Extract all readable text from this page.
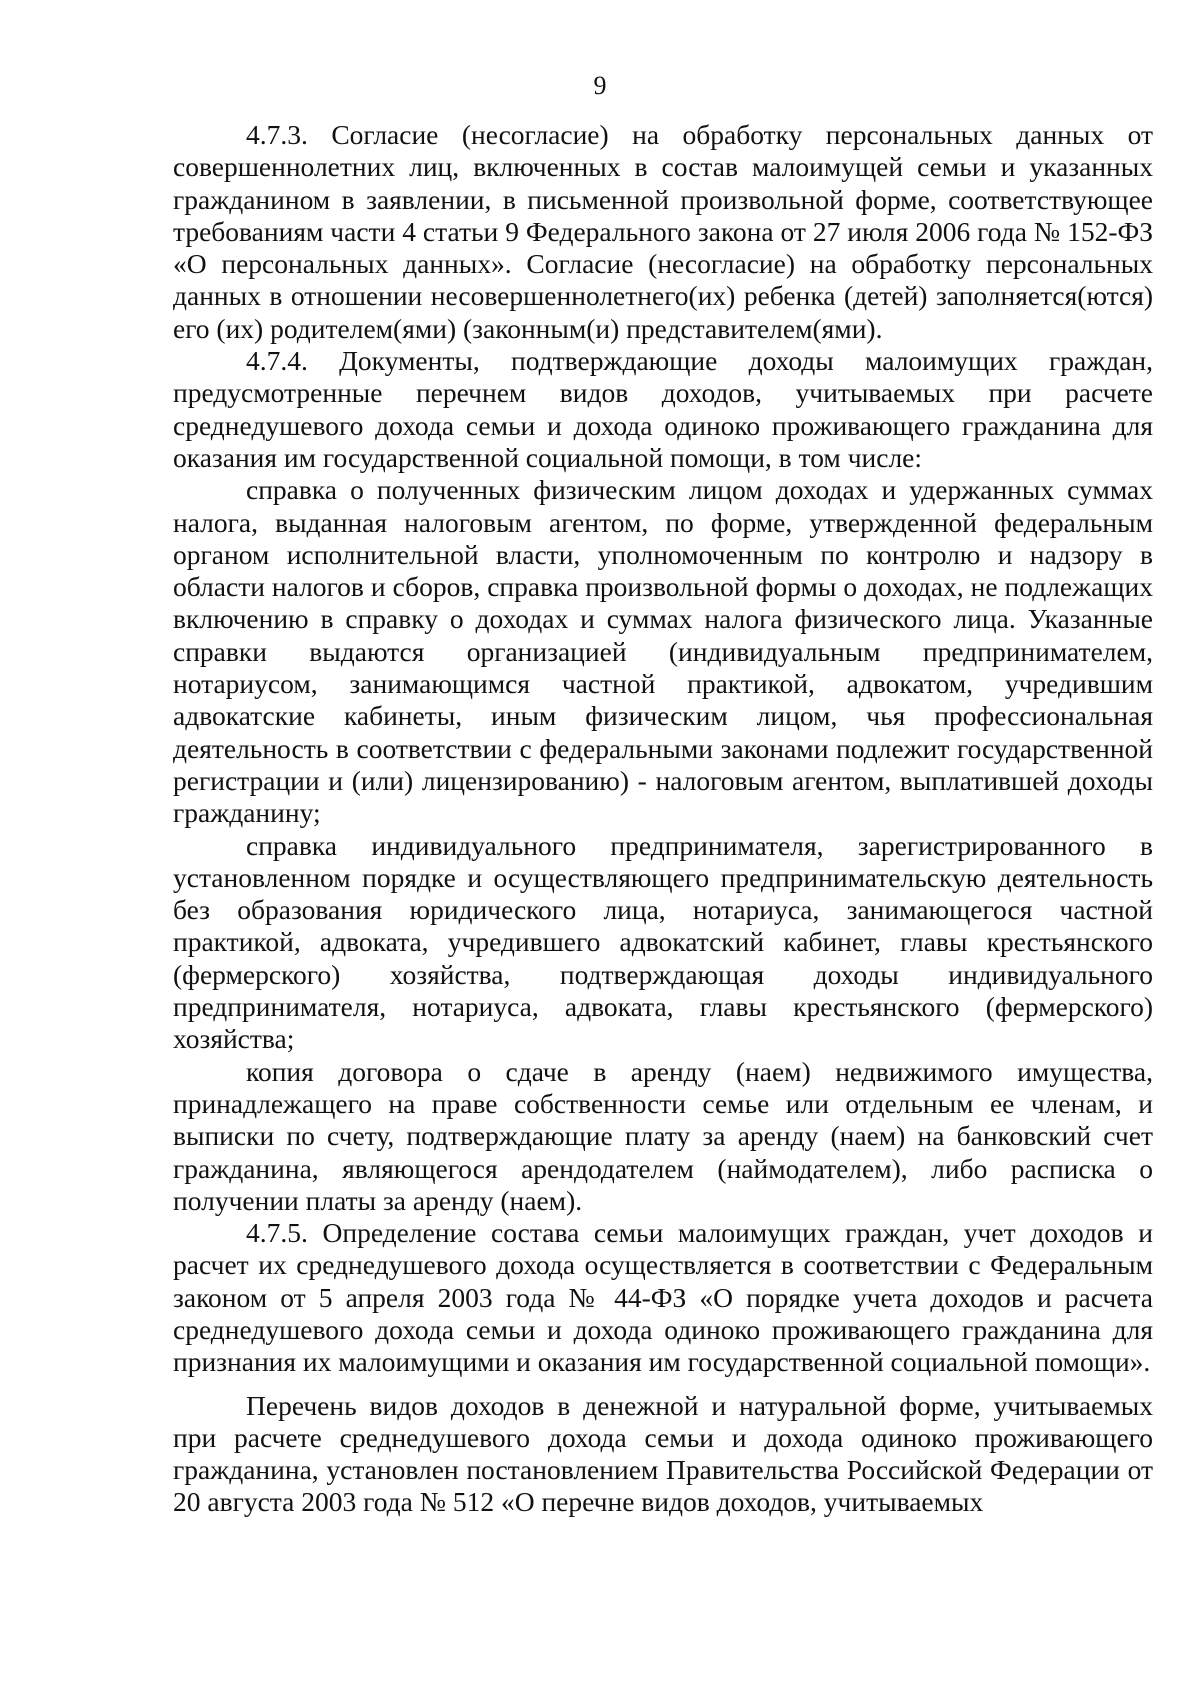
9

4.7.3. Согласие (несогласие) на обработку персональных данных от совершеннолетних лиц, включенных в состав малоимущей семьи и указанных гражданином в заявлении, в письменной произвольной форме, соответствующее требованиям части 4 статьи 9 Федерального закона от 27 июля 2006 года № 152-ФЗ «О персональных данных». Согласие (несогласие) на обработку персональных данных в отношении несовершеннолетнего(их) ребенка (детей) заполняется(ются) его (их) родителем(ями) (законным(и) представителем(ями).

4.7.4. Документы, подтверждающие доходы малоимущих граждан, предусмотренные перечнем видов доходов, учитываемых при расчете среднедушевого дохода семьи и дохода одиноко проживающего гражданина для оказания им государственной социальной помощи, в том числе:

справка о полученных физическим лицом доходах и удержанных суммах налога, выданная налоговым агентом, по форме, утвержденной федеральным органом исполнительной власти, уполномоченным по контролю и надзору в области налогов и сборов, справка произвольной формы о доходах, не подлежащих включению в справку о доходах и суммах налога физического лица. Указанные справки выдаются организацией (индивидуальным предпринимателем, нотариусом, занимающимся частной практикой, адвокатом, учредившим адвокатские кабинеты, иным физическим лицом, чья профессиональная деятельность в соответствии с федеральными законами подлежит государственной регистрации и (или) лицензированию) - налоговым агентом, выплатившей доходы гражданину;

справка индивидуального предпринимателя, зарегистрированного в установленном порядке и осуществляющего предпринимательскую деятельность без образования юридического лица, нотариуса, занимающегося частной практикой, адвоката, учредившего адвокатский кабинет, главы крестьянского (фермерского) хозяйства, подтверждающая доходы индивидуального предпринимателя, нотариуса, адвоката, главы крестьянского (фермерского) хозяйства;

копия договора о сдаче в аренду (наем) недвижимого имущества, принадлежащего на праве собственности семье или отдельным ее членам, и выписки по счету, подтверждающие плату за аренду (наем) на банковский счет гражданина, являющегося арендодателем (наймодателем), либо расписка о получении платы за аренду (наем).

4.7.5. Определение состава семьи малоимущих граждан, учет доходов и расчет их среднедушевого дохода осуществляется в соответствии с Федеральным законом от 5 апреля 2003 года № 44-ФЗ «О порядке учета доходов и расчета среднедушевого дохода семьи и дохода одиноко проживающего гражданина для признания их малоимущими и оказания им государственной социальной помощи».

Перечень видов доходов в денежной и натуральной форме, учитываемых при расчете среднедушевого дохода семьи и дохода одиноко проживающего гражданина, установлен постановлением Правительства Российской Федерации от 20 августа 2003 года № 512 «О перечне видов доходов, учитываемых
